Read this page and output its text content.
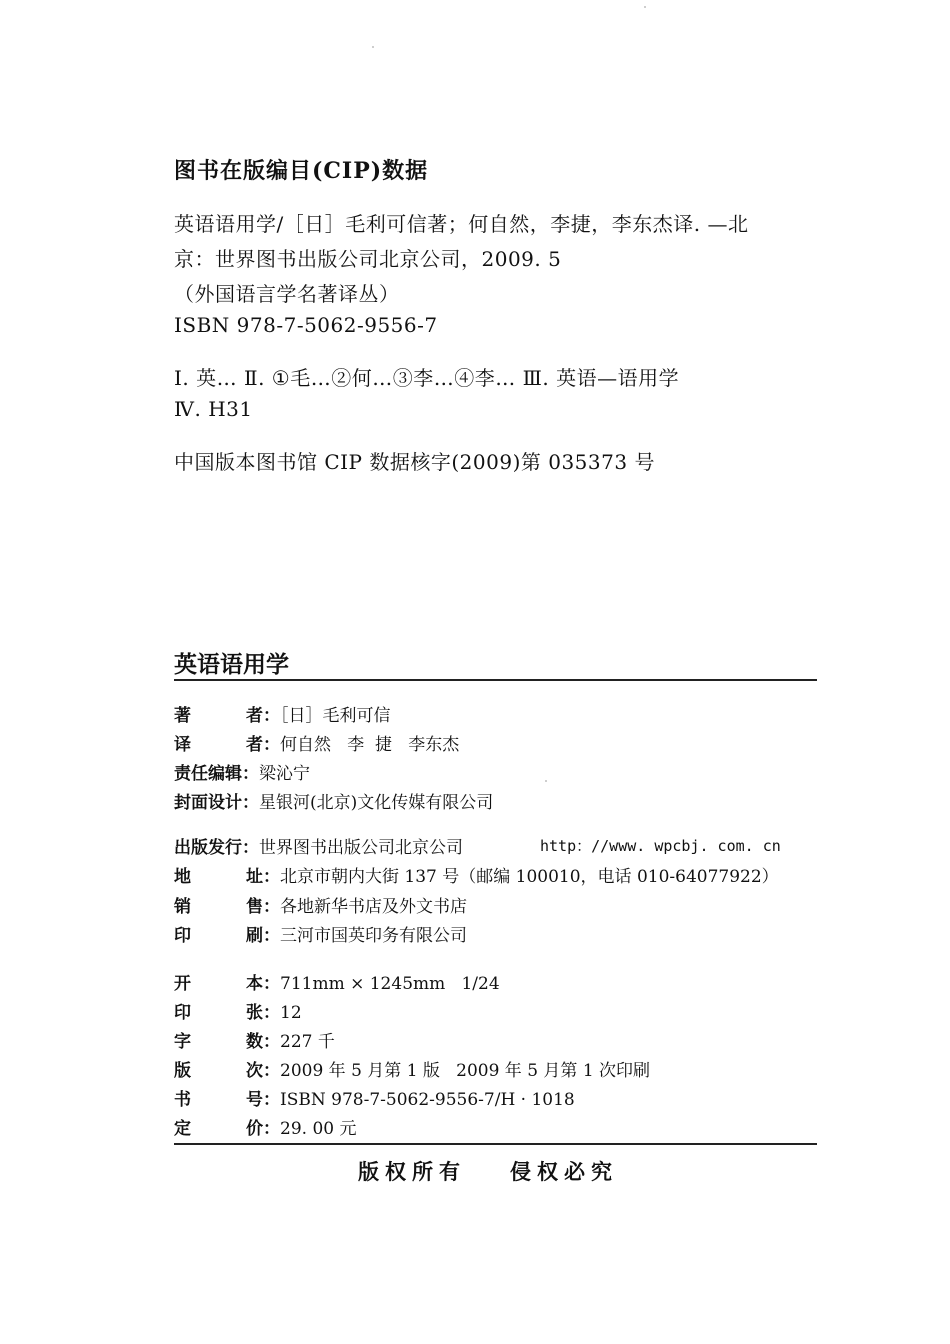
图书在版编目(CIP)数据
英语语用学/［日］毛利可信著；何自然，李捷，李东杰译. —北
京：世界图书出版公司北京公司，2009. 5
（外国语言学名著译丛）
ISBN 978-7-5062-9556-7
Ⅰ. 英… Ⅱ. ①毛…②何…③李…④李… Ⅲ. 英语—语用学
Ⅳ. H31
中国版本图书馆 CIP 数据核字(2009)第 035373 号
英语语用学
著	者 ：［日］毛利可信
译	者 ：何自然   李  捷   李东杰
责任编辑：梁沁宁
封面设计：星银河(北京)文化传媒有限公司
出版发行：世界图书出版公司北京公司	http：//www. wpcbj. com. cn
地	址 ：北京市朝内大街 137 号（邮编 100010，电话 010-64077922）
销	售 ：各地新华书店及外文书店
印	刷 ：三河市国英印务有限公司
开	本 ：711mm × 1245mm   1/24
印	张 ：12
字	数 ：227 千
版	次 ：2009 年 5 月第 1 版   2009 年 5 月第 1 次印刷
书	号 ：ISBN 978-7-5062-9556-7/H · 1018
定	价 ：29. 00 元
版权所有 侵权必究
